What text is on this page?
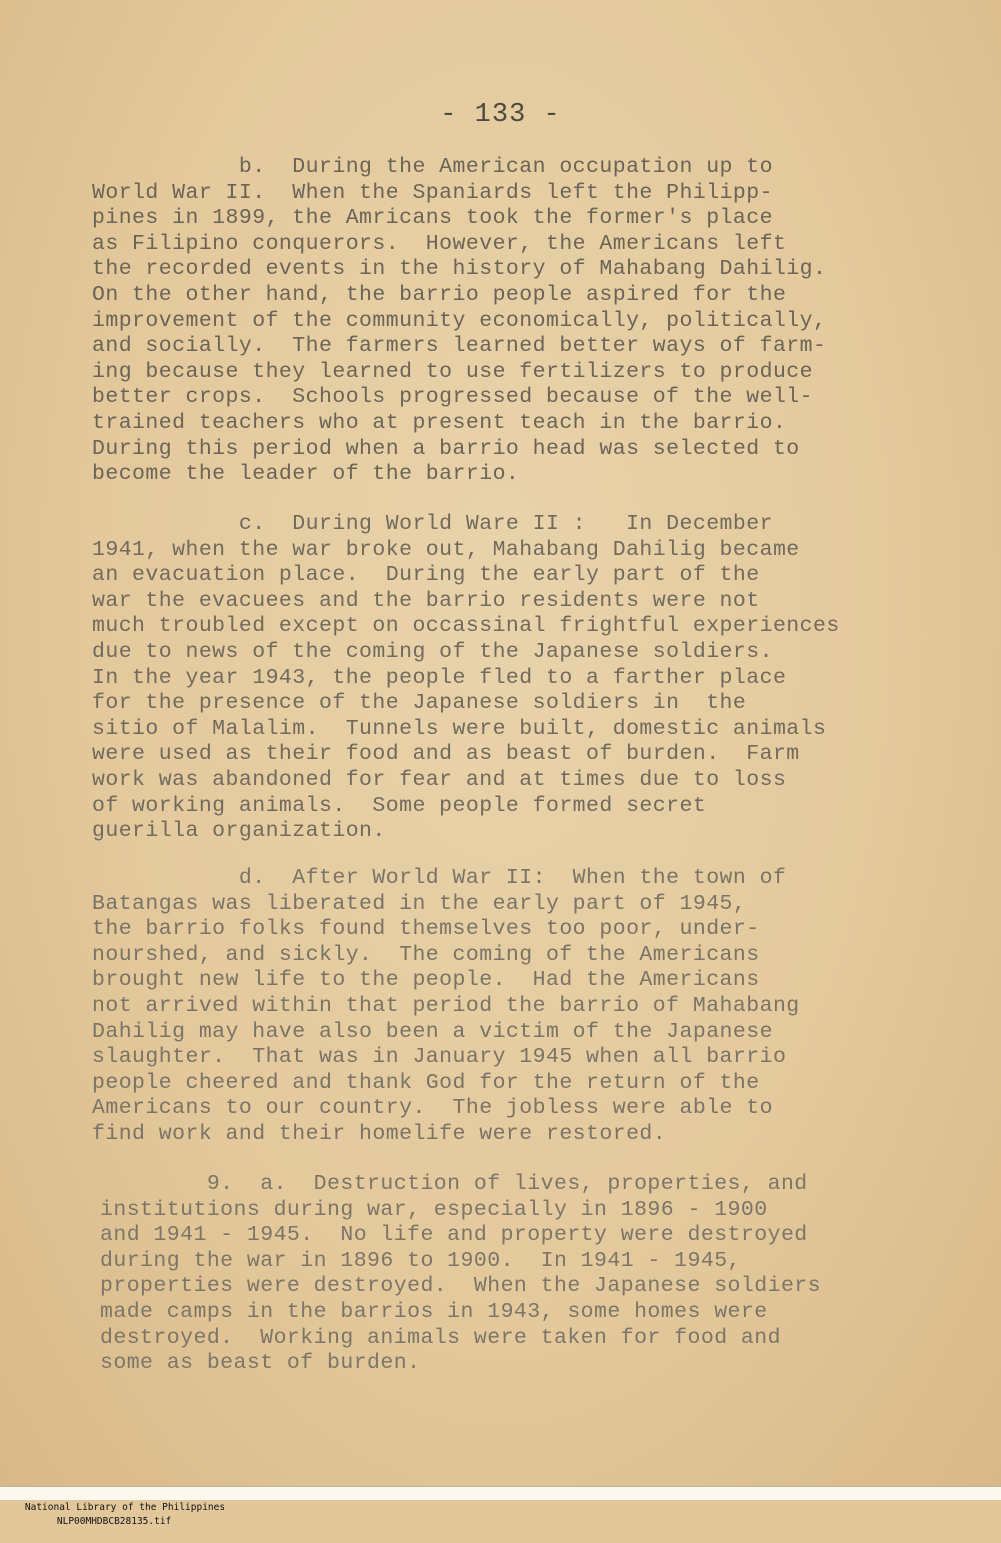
- 133 -
b.  During the American occupation up to
World War II.  When the Spaniards left the Philipp-
pines in 1899, the Amricans took the former's place
as Filipino conquerors.  However, the Americans left
the recorded events in the history of Mahabang Dahilig.
On the other hand, the barrio people aspired for the
improvement of the community economically, politically,
and socially.  The farmers learned better ways of farm-
ing because they learned to use fertilizers to produce
better crops.  Schools progressed because of the well-
trained teachers who at present teach in the barrio.
During this period when a barrio head was selected to
become the leader of the barrio.
c.  During World Ware II :   In December
1941, when the war broke out, Mahabang Dahilig became
an evacuation place.  During the early part of the
war the evacuees and the barrio residents were not
much troubled except on occassinal frightful experiences
due to news of the coming of the Japanese soldiers.
In the year 1943, the people fled to a farther place
for the presence of the Japanese soldiers in  the
sitio of Malalim.  Tunnels were built, domestic animals
were used as their food and as beast of burden.  Farm
work was abandoned for fear and at times due to loss
of working animals.  Some people formed secret
guerilla organization.
d.  After World War II:  When the town of
Batangas was liberated in the early part of 1945,
the barrio folks found themselves too poor, under-
nourshed, and sickly.  The coming of the Americans
brought new life to the people.  Had the Americans
not arrived within that period the barrio of Mahabang
Dahilig may have also been a victim of the Japanese
slaughter.  That was in January 1945 when all barrio
people cheered and thank God for the return of the
Americans to our country.  The jobless were able to
find work and their homelife were restored.
9.  a.  Destruction of lives, properties, and
institutions during war, especially in 1896 - 1900
and 1941 - 1945.  No life and property were destroyed
during the war in 1896 to 1900.  In 1941 - 1945,
properties were destroyed.  When the Japanese soldiers
made camps in the barrios in 1943, some homes were
destroyed.  Working animals were taken for food and
some as beast of burden.

National Library of the Philippines
NLP00MHDBCB28135.tif
